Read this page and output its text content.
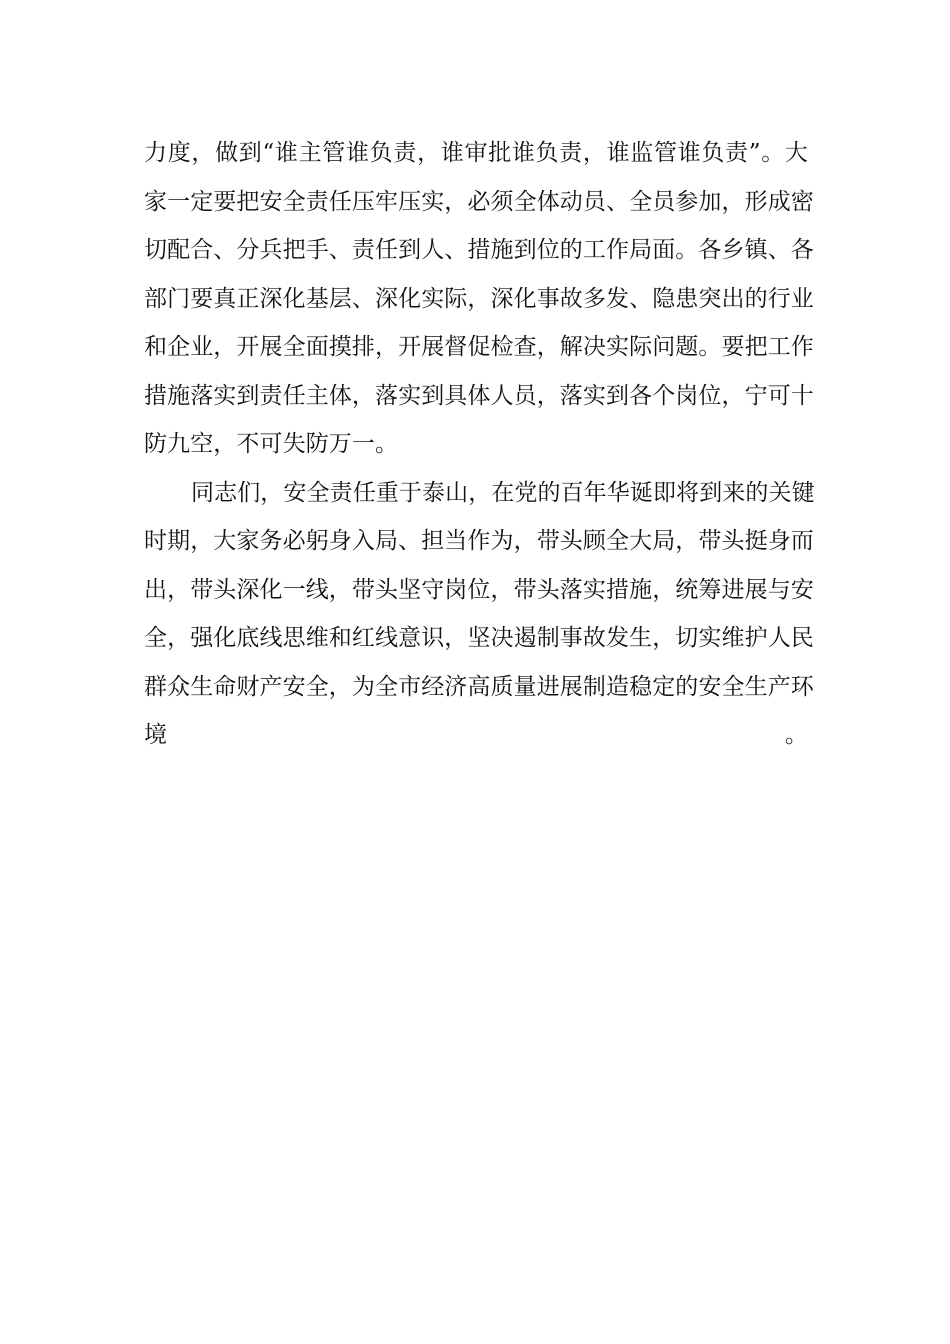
力度，做到“谁主管谁负责，谁审批谁负责，谁监管谁负责”。大
家一定要把安全责任压牢压实，必须全体动员、全员参加，形成密
切配合、分兵把手、责任到人、措施到位的工作局面。各乡镇、各
部门要真正深化基层、深化实际，深化事故多发、隐患突出的行业
和企业，开展全面摸排，开展督促检查，解决实际问题。要把工作
措施落实到责任主体，落实到具体人员，落实到各个岗位，宁可十
防九空，不可失防万一。
同志们，安全责任重于泰山，在党的百年华诞即将到来的关键
时期，大家务必躬身入局、担当作为，带头顾全大局，带头挺身而
出，带头深化一线，带头坚守岗位，带头落实措施，统筹进展与安
全，强化底线思维和红线意识，坚决遏制事故发生，切实维护人民
群众生命财产安全，为全市经济高质量进展制造稳定的安全生产环
境。
